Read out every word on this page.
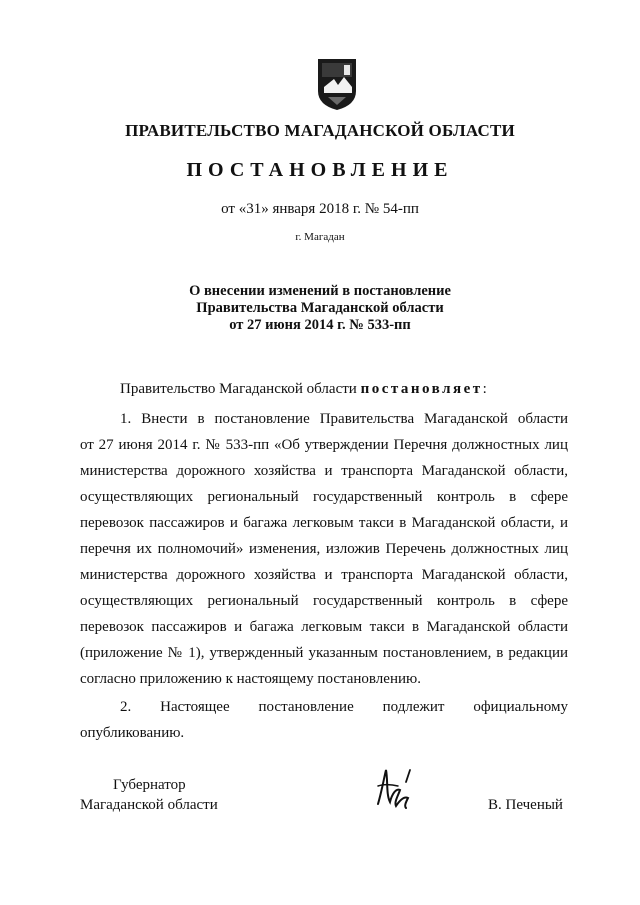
ПРАВИТЕЛЬСТВО МАГАДАНСКОЙ ОБЛАСТИ
ПОСТАНОВЛЕНИЕ
от «31» января 2018 г. № 54-пп
г. Магадан
О внесении изменений в постановление
Правительства Магаданской области
от 27 июня 2014 г. № 533-пп
Правительство Магаданской области постановляет:
1. Внести в постановление Правительства Магаданской области
от 27 июня 2014 г. № 533-пп «Об утверждении Перечня должностных лиц
министерства дорожного хозяйства и транспорта Магаданской области,
осуществляющих региональный государственный контроль в сфере
перевозок пассажиров и багажа легковым такси в Магаданской области, и
перечня их полномочий» изменения, изложив Перечень должностных лиц
министерства дорожного хозяйства и транспорта Магаданской области,
осуществляющих региональный государственный контроль в сфере
перевозок пассажиров и багажа легковым такси в Магаданской области
(приложение № 1), утвержденный указанным постановлением, в редакции
согласно приложению к настоящему постановлению.
2. Настоящее постановление подлежит официальному
опубликованию.
Губернатор
Магаданской области	В. Печеный
